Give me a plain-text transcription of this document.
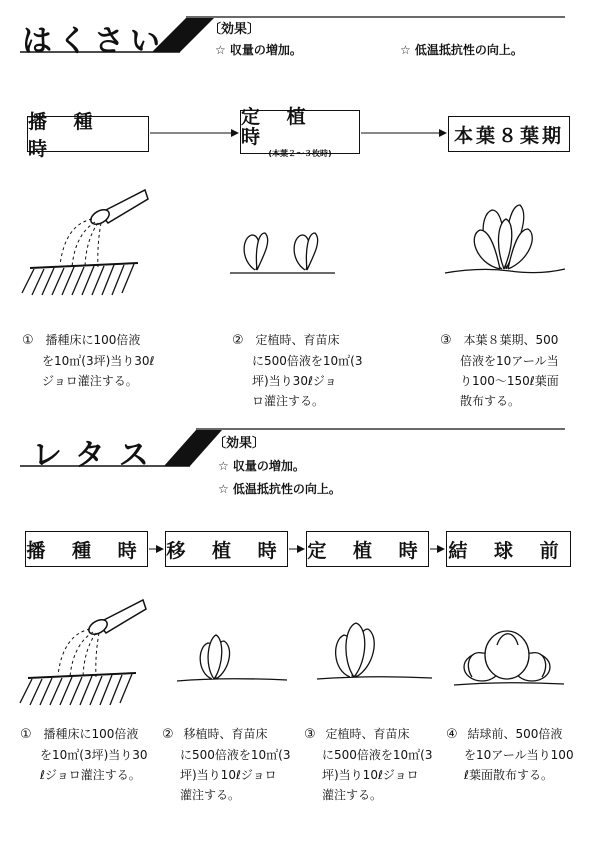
はくさい	〔効果〕
☆ 収量の増加。	☆ 低温抵抗性の向上。
播 種 時
定 植 時
(本葉２～３枚時)
本葉８葉期
① 播種床に100倍液
を10㎡(3坪)当り30ℓ
ジョロ灌注する。
② 定植時、育苗床
に500倍液を10㎡(3
坪)当り30ℓジョ
ロ灌注する。
③ 本葉８葉期、500
倍液を10アール当
り100～150ℓ葉面
散布する。
レタス	〔効果〕
☆ 収量の増加。
☆ 低温抵抗性の向上。
播 種 時 移 植 時 定 植 時 結 球 前
① 播種床に100倍液
を10㎡(3坪)当り30
ℓジョロ灌注する。
② 移植時、育苗床
に500倍液を10㎡(3
坪)当り10ℓジョロ
灌注する。
③ 定植時、育苗床
に500倍液を10㎡(3
坪)当り10ℓジョロ
灌注する。
④ 結球前、500倍液
を10アール当り100
ℓ葉面散布する。
